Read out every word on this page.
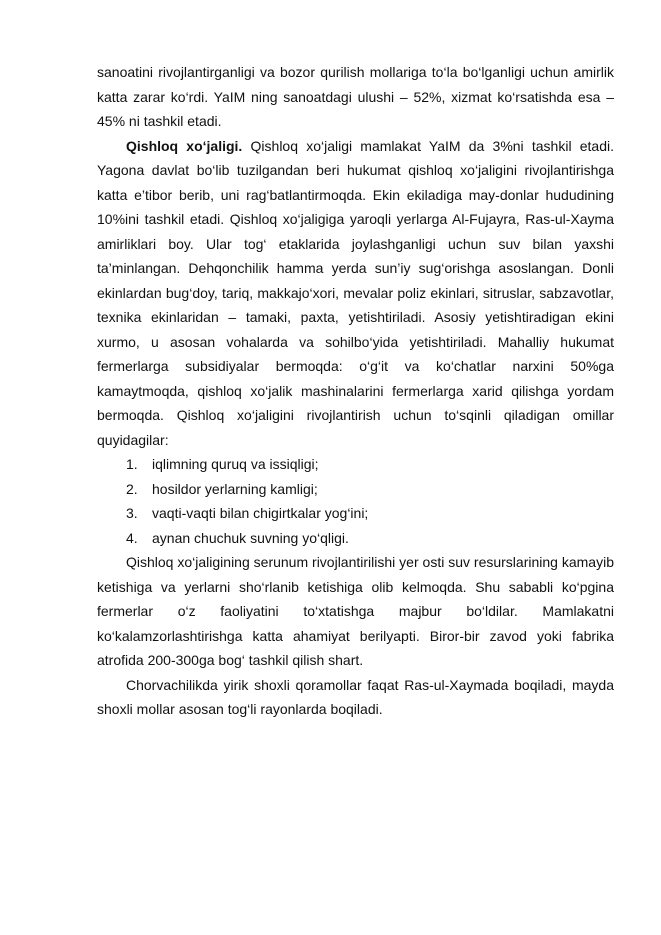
sanoatini rivojlantirganligi va bozor qurilish mollariga to‘la bo‘lganligi uchun amirlik katta zarar ko‘rdi. YaIM ning sanoatdagi ulushi – 52%, xizmat ko‘rsatishda esa – 45% ni tashkil etadi.

Qishloq xo‘jaligi. Qishloq xo‘jaligi mamlakat YaIM da 3%ni tashkil etadi. Yagona davlat bo‘lib tuzilgandan beri hukumat qishloq xo‘jaligini rivojlantirishga katta e’tibor berib, uni rag‘batlantirmoqda. Ekin ekiladiga may-donlar hududining 10%ini tashkil etadi. Qishloq xo‘jaligiga yaroqli yerlarga Al-Fujayra, Ras-ul-Xayma amirliklari boy. Ular tog‘ etaklarida joylashganligi uchun suv bilan yaxshi ta’minlangan. Dehqonchilik hamma yerda sun’iy sug‘orishga asoslangan. Donli ekinlardan bug‘doy, tariq, makkajo‘xori, mevalar poliz ekinlari, sitruslar, sabzavotlar, texnika ekinlaridan – tamaki, paxta, yetishtiriladi. Asosiy yetishtiradigan ekini xurmo, u asosan vohalarda va sohilbo‘yida yetishtiriladi. Mahalliy hukumat fermerlarga subsidiyalar bermoqda: o‘g‘it va ko‘chatlar narxini 50%ga kamaytmoqda, qishloq xo‘jalik mashinalarini fermerlarga xarid qilishga yordam bermoqda. Qishloq xo‘jaligini rivojlantirish uchun to‘sqinli qiladigan omillar quyidagilar:

1.	iqlimning quruq va issiqligi;
2.	hosildor yerlarning kamligi;
3.	vaqti-vaqti bilan chigirtkalar yog‘ini;
4.	aynan chuchuk suvning yo‘qligi.

Qishloq xo‘jaligining serunum rivojlantirilishi yer osti suv resurslarining kamayib ketishiga va yerlarni sho‘rlanib ketishiga olib kelmoqda. Shu sababli ko‘pgina fermerlar o‘z faoliyatini to‘xtatishga majbur bo‘ldilar. Mamlakatni ko‘kalamzorlashtirishga katta ahamiyat berilyapti. Biror-bir zavod yoki fabrika atrofida 200-300ga bog‘ tashkil qilish shart.

Chorvachilikda yirik shoxli qoramollar faqat Ras-ul-Xaymada boqiladi, mayda shoxli mollar asosan tog‘li rayonlarda boqiladi.
